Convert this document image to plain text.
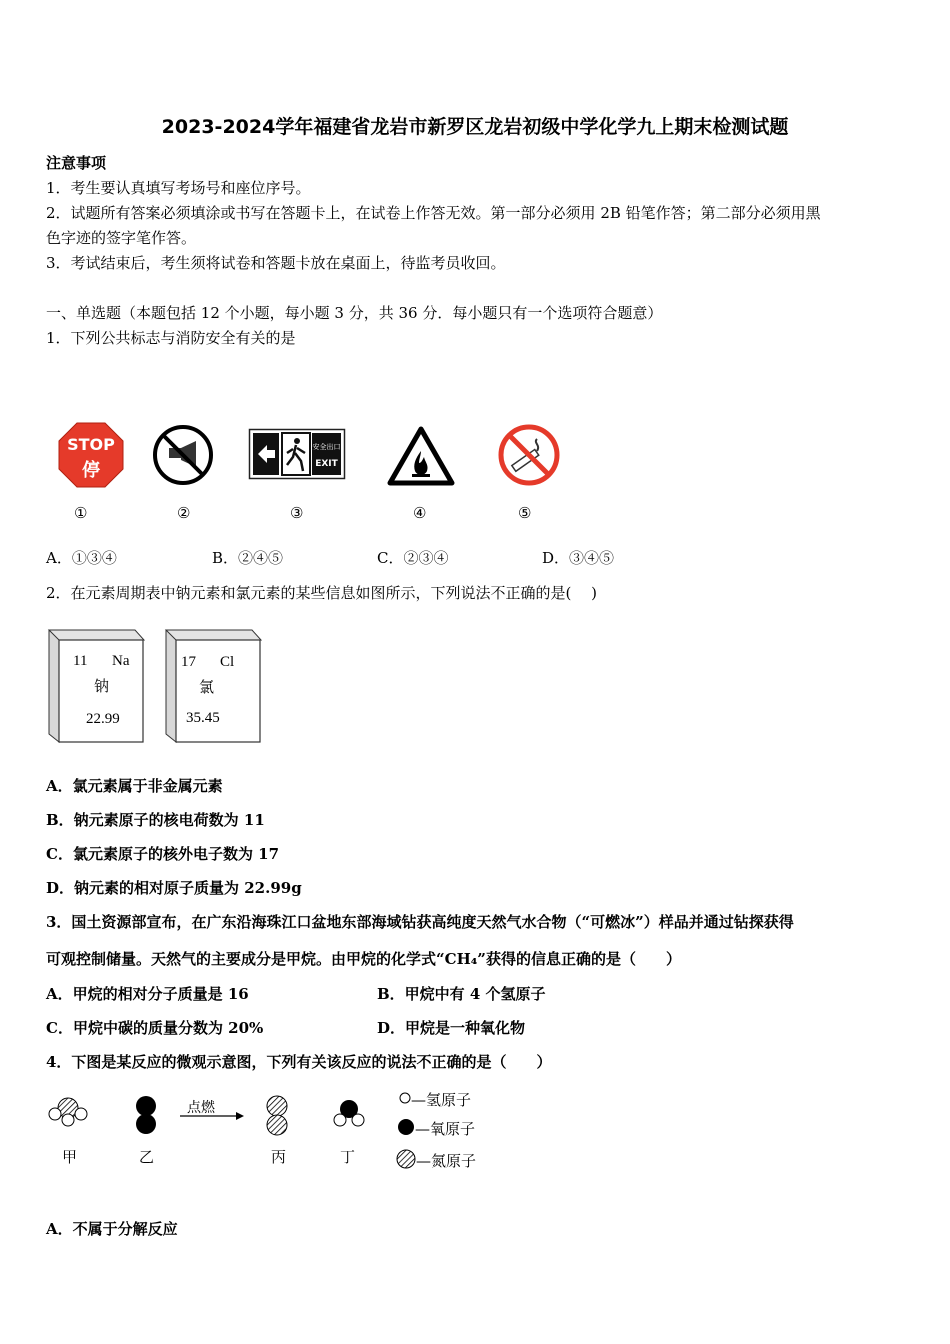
2023-2024学年福建省龙岩市新罗区龙岩初级中学化学九上期末检测试题
注意事项
1．考生要认真填写考场号和座位序号。
2．试题所有答案必须填涂或书写在答题卡上，在试卷上作答无效。第一部分必须用 2B 铅笔作答；第二部分必须用黑
色字迹的签字笔作答。
3．考试结束后，考生须将试卷和答题卡放在桌面上，待监考员收回。
一、单选题（本题包括 12 个小题，每小题 3 分，共 36 分．每小题只有一个选项符合题意）
1．下列公共标志与消防安全有关的是
STOP
停
安全出口
EXIT
①	②	③	④	⑤
A．①③④	B．②④⑤	C．②③④	D．③④⑤
2．在元素周期表中钠元素和氯元素的某些信息如图所示，下列说法不正确的是(　 )
11 Na
钠
22.99
17 Cl
氯
35.45
A．氯元素属于非金属元素
B．钠元素原子的核电荷数为 11
C．氯元素原子的核外电子数为 17
D．钠元素的相对原子质量为 22.99g
3．国土资源部宣布，在广东沿海珠江口盆地东部海域钻获高纯度天然气水合物（“可燃冰”）样品并通过钻探获得
可观控制储量。天然气的主要成分是甲烷。由甲烷的化学式“CH₄”获得的信息正确的是（　　）
A．甲烷的相对分子质量是 16	B．甲烷中有 4 个氢原子
C．甲烷中碳的质量分数为 20%	D．甲烷是一种氧化物
4．下图是某反应的微观示意图，下列有关该反应的说法不正确的是（　　）
点燃
甲	乙	丙	丁
—氢原子
—氧原子
—氮原子
A．不属于分解反应
